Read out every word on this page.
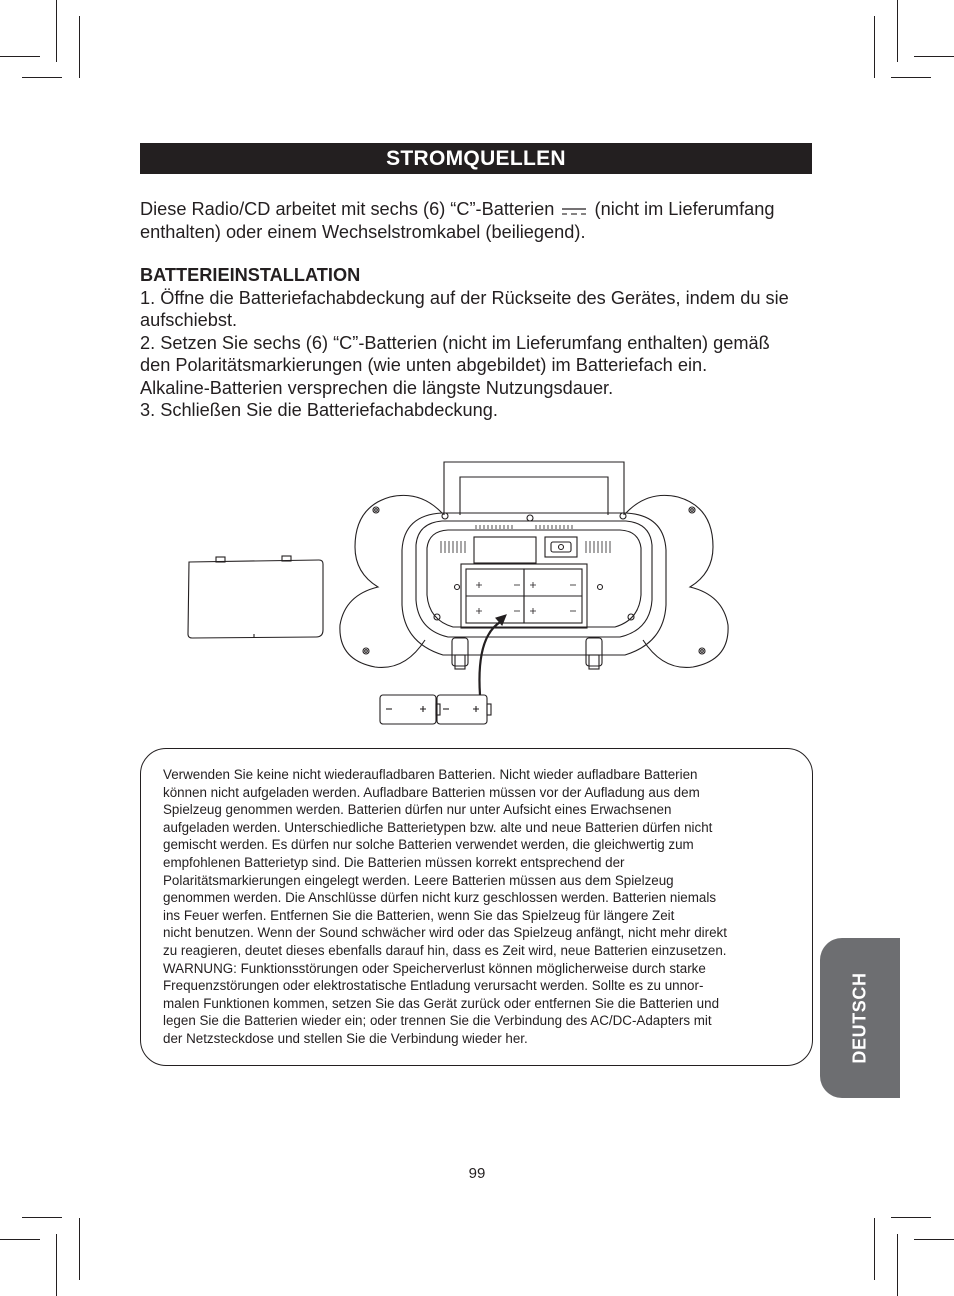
STROMQUELLEN

Diese Radio/CD arbeitet mit sechs (6) “C”-Batterien (nicht im Lieferumfang

enthalten) oder einem Wechselstromkabel (beiliegend).

BATTERIEINSTALLATION

1. Öffne die Batteriefachabdeckung auf der Rückseite des Gerätes, indem du sie

aufschiebst.

2. Setzen Sie sechs (6) “C”-Batterien (nicht im Lieferumfang enthalten) gemäß

den Polaritätsmarkierungen (wie unten abgebildet) im Batteriefach ein.

Alkaline-Batterien versprechen die längste Nutzungsdauer.

3. Schließen Sie die Batteriefachabdeckung.

Verwenden Sie keine nicht wiederaufladbaren Batterien. Nicht wieder aufladbare Batterien

können nicht aufgeladen werden. Aufladbare Batterien müssen vor der Aufladung aus dem

Spielzeug genommen werden. Batterien dürfen nur unter Aufsicht eines Erwachsenen

aufgeladen werden. Unterschiedliche Batterietypen bzw. alte und neue Batterien dürfen nicht

gemischt werden. Es dürfen nur solche Batterien verwendet werden, die gleichwertig zum

empfohlenen Batterietyp sind. Die Batterien müssen korrekt entsprechend der

Polaritätsmarkierungen eingelegt werden. Leere Batterien müssen aus dem Spielzeug

genommen werden. Die Anschlüsse dürfen nicht kurz geschlossen werden. Batterien niemals

ins Feuer werfen. Entfernen Sie die Batterien, wenn Sie das Spielzeug für längere Zeit

nicht benutzen. Wenn der Sound schwächer wird oder das Spielzeug anfängt, nicht mehr direkt

zu reagieren, deutet dieses ebenfalls darauf hin, dass es Zeit wird, neue Batterien einzusetzen.

WARNUNG: Funktionsstörungen oder Speicherverlust können möglicherweise durch starke

Frequenzstörungen oder elektrostatische Entladung verursacht werden. Sollte es zu unnor-

malen Funktionen kommen, setzen Sie das Gerät zurück oder entfernen Sie die Batterien und

legen Sie die Batterien wieder ein; oder trennen Sie die Verbindung des AC/DC-Adapters mit

der Netzsteckdose und stellen Sie die Verbindung wieder her.	DEUTSCH
99
